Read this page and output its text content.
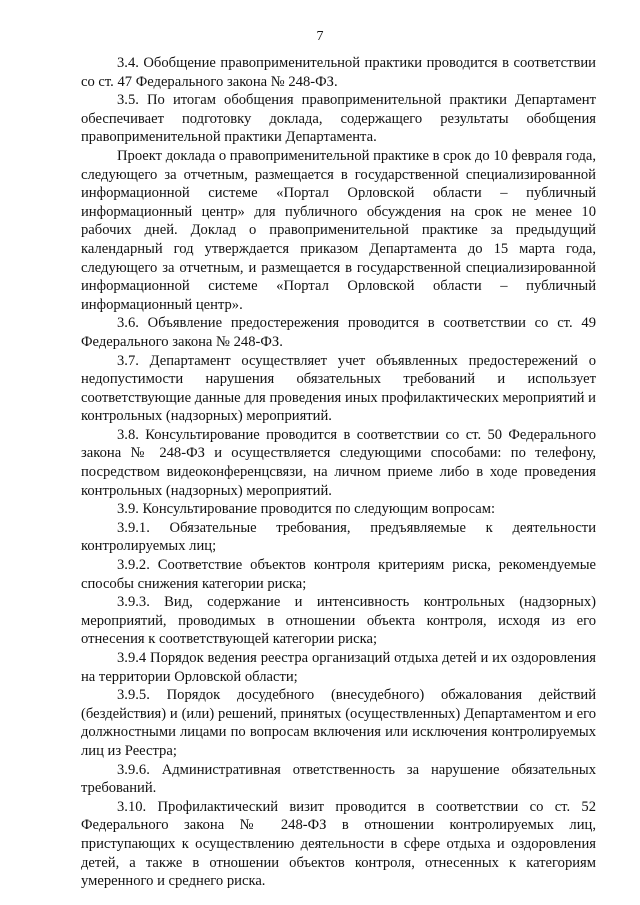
7

3.4. Обобщение правоприменительной практики проводится в соответствии со ст. 47 Федерального закона № 248-ФЗ.

3.5. По итогам обобщения правоприменительной практики Департамент обеспечивает подготовку доклада, содержащего результаты обобщения правоприменительной практики Департамента.

Проект доклада о правоприменительной практике в срок до 10 февраля года, следующего за отчетным, размещается в государственной специализированной информационной системе «Портал Орловской области – публичный информационный центр» для публичного обсуждения на срок не менее 10 рабочих дней. Доклад о правоприменительной практике за предыдущий календарный год утверждается приказом Департамента до 15 марта года, следующего за отчетным, и размещается в государственной специализированной информационной системе «Портал Орловской области – публичный информационный центр».

3.6. Объявление предостережения проводится в соответствии со ст. 49 Федерального закона № 248-ФЗ.

3.7. Департамент осуществляет учет объявленных предостережений о недопустимости нарушения обязательных требований и использует соответствующие данные для проведения иных профилактических мероприятий и контрольных (надзорных) мероприятий.

3.8. Консультирование проводится в соответствии со ст. 50 Федерального закона № 248-ФЗ и осуществляется следующими способами: по телефону, посредством видеоконференцсвязи, на личном приеме либо в ходе проведения контрольных (надзорных) мероприятий.

3.9. Консультирование проводится по следующим вопросам:

3.9.1. Обязательные требования, предъявляемые к деятельности контролируемых лиц;

3.9.2. Соответствие объектов контроля критериям риска, рекомендуемые способы снижения категории риска;

3.9.3. Вид, содержание и интенсивность контрольных (надзорных) мероприятий, проводимых в отношении объекта контроля, исходя из его отнесения к соответствующей категории риска;

3.9.4 Порядок ведения реестра организаций отдыха детей и их оздоровления на территории Орловской области;

3.9.5. Порядок досудебного (внесудебного) обжалования действий (бездействия) и (или) решений, принятых (осуществленных) Департаментом и его должностными лицами по вопросам включения или исключения контролируемых лиц из Реестра;

3.9.6. Административная ответственность за нарушение обязательных требований.

3.10. Профилактический визит проводится в соответствии со ст. 52 Федерального закона № 248-ФЗ в отношении контролируемых лиц, приступающих к осуществлению деятельности в сфере отдыха и оздоровления детей, а также в отношении объектов контроля, отнесенных к категориям умеренного и среднего риска.
